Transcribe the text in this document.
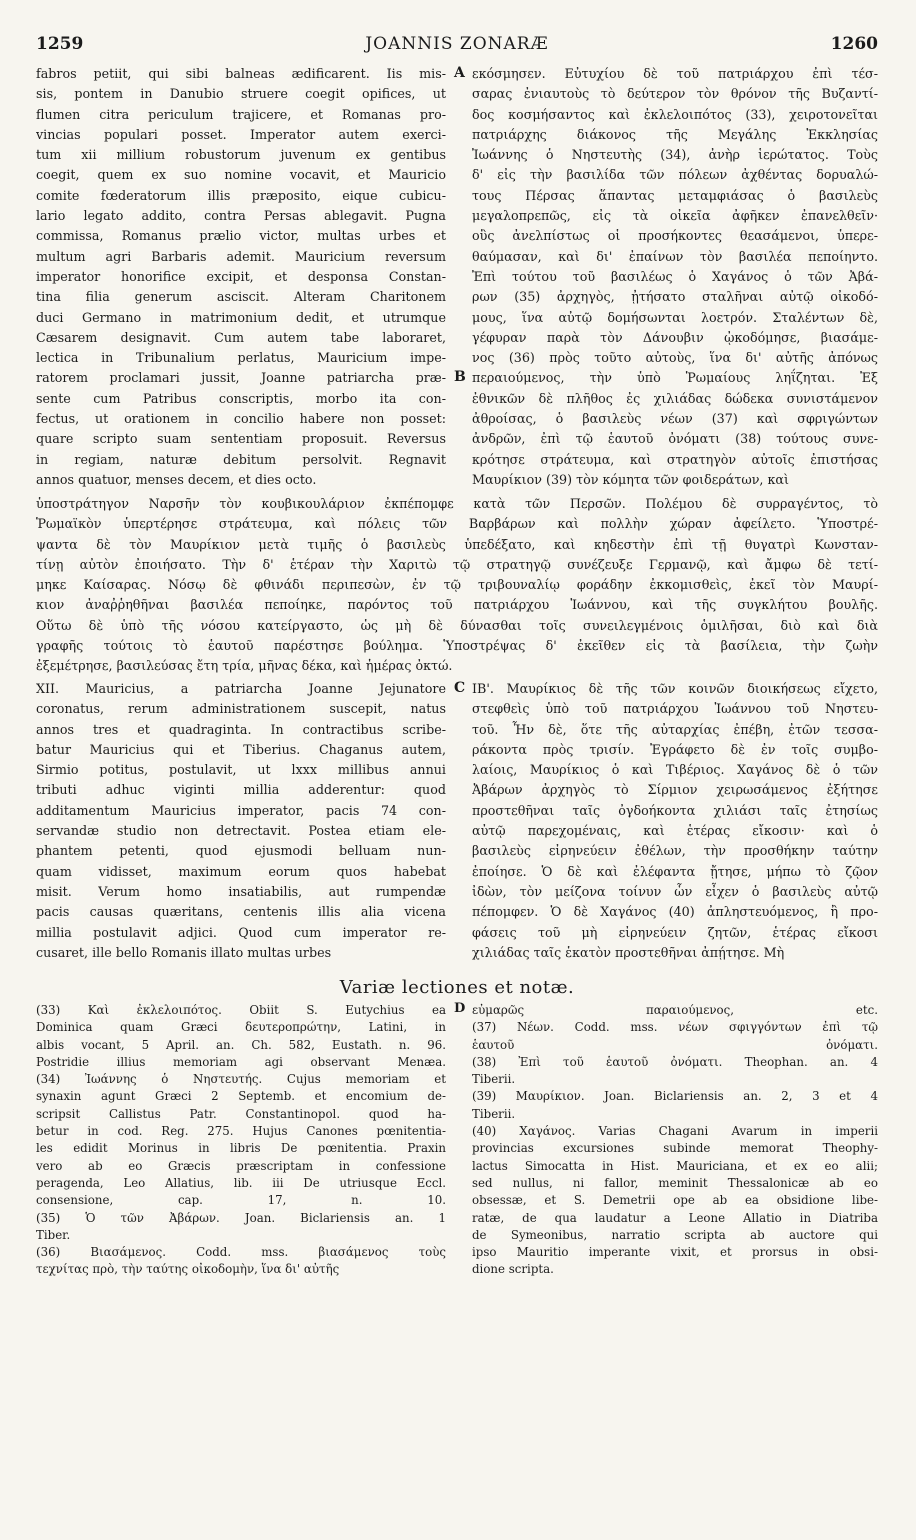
1259	JOANNIS ZONARÆ	1260
fabros petiit, qui sibi balneas ædificarent. Iis mis-
sis, pontem in Danubio struere coegit opifices, ut
flumen citra periculum trajicere, et Romanas pro-
vincias populari posset. Imperator autem exerci-
tum xii millium robustorum juvenum ex gentibus
coegit, quem ex suo nomine vocavit, et Mauricio
comite fœderatorum illis præposito, eique cubicu-
lario legato addito, contra Persas ablegavit. Pugna
commissa, Romanus prælio victor, multas urbes et
multum agri Barbaris ademit. Mauricium reversum
imperator honorifice excipit, et desponsa Constan-
tina filia generum asciscit. Alteram Charitonem
duci Germano in matrimonium dedit, et utrumque
Cæsarem designavit. Cum autem tabe laboraret,
lectica in Tribunalium perlatus, Mauricium impe-
ratorem proclamari jussit, Joanne patriarcha præ-
sente cum Patribus conscriptis, morbo ita con-
fectus, ut orationem in concilio habere non posset:
quare scripto suam sententiam proposuit. Reversus
in regiam, naturæ debitum persolvit. Regnavit
annos quatuor, menses decem, et dies octo.
A
B
εκόσμησεν. Εὐτυχίου δὲ τοῦ πατριάρχου ἐπὶ τέσ-
σαρας ἐνιαυτοὺς τὸ δεύτερον τὸν θρόνον τῆς Βυζαντί-
δος κοσμήσαντος καὶ ἐκλελοιπότος (33), χειροτονεῖται
πατριάρχης διάκονος τῆς Μεγάλης Ἐκκλησίας
Ἰωάννης ὁ Νηστευτὴς (34), ἀνὴρ ἱερώτατος. Τοὺς
δ' εἰς τὴν βασιλίδα τῶν πόλεων ἀχθέντας δορυαλώ-
τους Πέρσας ἅπαντας μεταμφιάσας ὁ βασιλεὺς
μεγαλοπρεπῶς, εἰς τὰ οἰκεῖα ἀφῆκεν ἐπανελθεῖν·
οὓς ἀνελπίστως οἱ προσήκοντες θεασάμενοι, ὑπερε-
θαύμασαν, καὶ δι' ἐπαίνων τὸν βασιλέα πεποίηντο.
Ἐπὶ τούτου τοῦ βασιλέως ὁ Χαγάνος ὁ τῶν Ἀβά-
ρων (35) ἀρχηγὸς, ᾐτήσατο σταλῆναι αὐτῷ οἰκοδό-
μους, ἵνα αὐτῷ δομήσωνται λοετρόν. Σταλέντων δὲ,
γέφυραν παρὰ τὸν Δάνουβιν ᾠκοδόμησε, βιασάμε-
νος (36) πρὸς τοῦτο αὐτοὺς, ἵνα δι' αὐτῆς ἀπόνως
περαιούμενος, τὴν ὑπὸ Ῥωμαίους ληΐζηται. Ἐξ
ἐθνικῶν δὲ πλῆθος ἐς χιλιάδας δώδεκα συνιστάμενον
ἀθροίσας, ὁ βασιλεὺς νέων (37) καὶ σφριγώντων
ἀνδρῶν, ἐπὶ τῷ ἑαυτοῦ ὀνόματι (38) τούτους συνε-
κρότησε στράτευμα, καὶ στρατηγὸν αὐτοῖς ἐπιστήσας
Μαυρίκιον (39) τὸν κόμητα τῶν φοιδεράτων, καὶ
ὑποστράτηγον Ναρσῆν τὸν κουβικουλάριον ἐκπέπομφε κατὰ τῶν Περσῶν. Πολέμου δὲ συρραγέντος, τὸ
Ῥωμαϊκὸν ὑπερτέρησε στράτευμα, καὶ πόλεις τῶν Βαρβάρων καὶ πολλὴν χώραν ἀφείλετο. Ὑποστρέ-
ψαντα δὲ τὸν Μαυρίκιον μετὰ τιμῆς ὁ βασιλεὺς ὑπεδέξατο, καὶ κηδεστὴν ἐπὶ τῇ θυγατρὶ Κωνσταν-
τίνῃ αὐτὸν ἐποιήσατο. Τὴν δ' ἑτέραν τὴν Χαριτὼ τῷ στρατηγῷ συνέζευξε Γερμανῷ, καὶ ἄμφω δὲ τετί-
μηκε Καίσαρας. Νόσῳ δὲ φθινάδι περιπεσὼν, ἐν τῷ τριβουναλίῳ φοράδην ἐκκομισθεὶς, ἐκεῖ τὸν Μαυρί-
κιον ἀναῤῥηθῆναι βασιλέα πεποίηκε, παρόντος τοῦ πατριάρχου Ἰωάννου, καὶ τῆς συγκλήτου βουλῆς.
Οὕτω δὲ ὑπὸ τῆς νόσου κατείργαστο, ὡς μὴ δὲ δύνασθαι τοῖς συνειλεγμένοις ὁμιλῆσαι, διὸ καὶ διὰ
γραφῆς τούτοις τὸ ἑαυτοῦ παρέστησε βούλημα. Ὑποστρέψας δ' ἐκεῖθεν εἰς τὰ βασίλεια, τὴν ζωὴν
ἐξεμέτρησε, βασιλεύσας ἔτη τρία, μῆνας δέκα, καὶ ἡμέρας ὀκτώ.
XII. Mauricius, a patriarcha Joanne Jejunatore
coronatus, rerum administrationem suscepit, natus
annos tres et quadraginta. In contractibus scribe-
batur Mauricius qui et Tiberius. Chaganus autem,
Sirmio potitus, postulavit, ut lxxx millibus annui
tributi adhuc viginti millia adderentur: quod
additamentum Mauricius imperator, pacis 74 con-
servandæ studio non detrectavit. Postea etiam ele-
phantem petenti, quod ejusmodi belluam nun-
quam vidisset, maximum eorum quos habebat
misit. Verum homo insatiabilis, aut rumpendæ
pacis causas quæritans, centenis illis alia vicena
millia postulavit adjici. Quod cum imperator re-
cusaret, ille bello Romanis illato multas urbes
C ΙΒ'. Μαυρίκιος δὲ τῆς τῶν κοινῶν διοικήσεως εἴχετο,
στεφθεὶς ὑπὸ τοῦ πατριάρχου Ἰωάννου τοῦ Νηστευ-
τοῦ. Ἦν δὲ, ὅτε τῆς αὐταρχίας ἐπέβη, ἐτῶν τεσσα-
ράκοντα πρὸς τρισίν. Ἐγράφετο δὲ ἐν τοῖς συμβο-
λαίοις, Μαυρίκιος ὁ καὶ Τιβέριος. Χαγάνος δὲ ὁ τῶν
Ἀβάρων ἀρχηγὸς τὸ Σίρμιον χειρωσάμενος ἐξήτησε
προστεθῆναι ταῖς ὀγδοήκοντα χιλιάσι ταῖς ἐτησίως
αὐτῷ παρεχομέναις, καὶ ἑτέρας εἴκοσιν· καὶ ὁ
βασιλεὺς εἰρηνεύειν ἐθέλων, τὴν προσθήκην ταύτην
ἐποίησε. Ὁ δὲ καὶ ἐλέφαντα ᾔτησε, μήπω τὸ ζῷον
ἰδὼν, τὸν μείζονα τοίνυν ὧν εἶχεν ὁ βασιλεὺς αὐτῷ
πέπομφεν. Ὁ δὲ Χαγάνος (40) ἀπληστευόμενος, ἢ προ-
φάσεις τοῦ μὴ εἰρηνεύειν ζητῶν, ἑτέρας εἴκοσι
χιλιάδας ταῖς ἑκατὸν προστεθῆναι ἀπῄτησε. Μὴ
Variæ lectiones et notæ.
(33) Καὶ ἐκλελοιπότος. Obiit S. Eutychius ea
Dominica quam Græci δευτεροπρώτην, Latini, in
albis vocant, 5 April. an. Ch. 582, Eustath. n. 96.
Postridie illius memoriam agi observant Menæa.
(34) Ἰωάννης ὁ Νηστευτής. Cujus memoriam et
synaxin agunt Græci 2 Septemb. et encomium de-
scripsit Callistus Patr. Constantinopol. quod ha-
betur in cod. Reg. 275. Hujus Canones pœnitentia-
les edidit Morinus in libris De pœnitentia. Praxin
vero ab eo Græcis præscriptam in confessione
peragenda, Leo Allatius, lib. iii De utriusque Eccl.
consensione, cap. 17, n. 10.
(35) Ὁ τῶν Ἀβάρων. Joan. Biclariensis an. 1
Tiber.
(36) Βιασάμενος. Codd. mss. βιασάμενος τοὺς
τεχνίτας πρὸ, τὴν ταύτης οἰκοδομὴν, ἵνα δι' αὐτῆς
D εὐμαρῶς παραιούμενος, etc.
(37) Νέων. Codd. mss. νέων σφιγγόντων ἐπὶ τῷ
ἑαυτοῦ ὀνόματι.
(38) Ἐπὶ τοῦ ἑαυτοῦ ὀνόματι. Theophan. an. 4
Tiberii.
(39) Μαυρίκιον. Joan. Biclariensis an. 2, 3 et 4
Tiberii.
(40) Χαγάνος. Varias Chagani Avarum in imperii
provincias excursiones subinde memorat Theophy-
lactus Simocatta in Hist. Mauriciana, et ex eo alii;
sed nullus, ni fallor, meminit Thessalonicæ ab eo
obsessæ, et S. Demetrii ope ab ea obsidione libe-
ratæ, de qua laudatur a Leone Allatio in Diatriba
de Symeonibus, narratio scripta ab auctore qui
ipso Mauritio imperante vixit, et prorsus in obsi-
dione scripta.
